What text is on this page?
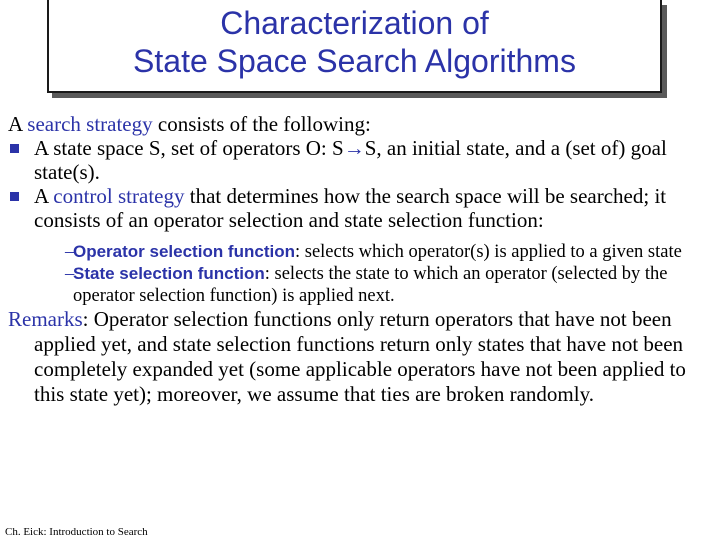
Characterization of
State Space Search Algorithms
A search strategy consists of the following:
A state space S, set of operators O: S→S, an initial state, and a (set of) goal state(s).
A control strategy that determines how the search space will be searched; it consists of an operator selection and state selection function:
–
Operator selection function: selects which operator(s) is applied to a given state
–
State selection function: selects the state to which an operator (selected by the operator selection function) is applied next.
Remarks: Operator selection functions only return operators that have not been applied yet, and state selection functions return only states that have not been completely expanded yet (some applicable operators have not been applied to this state yet); moreover, we assume that ties are broken randomly.
Ch. Eick: Introduction to Search
